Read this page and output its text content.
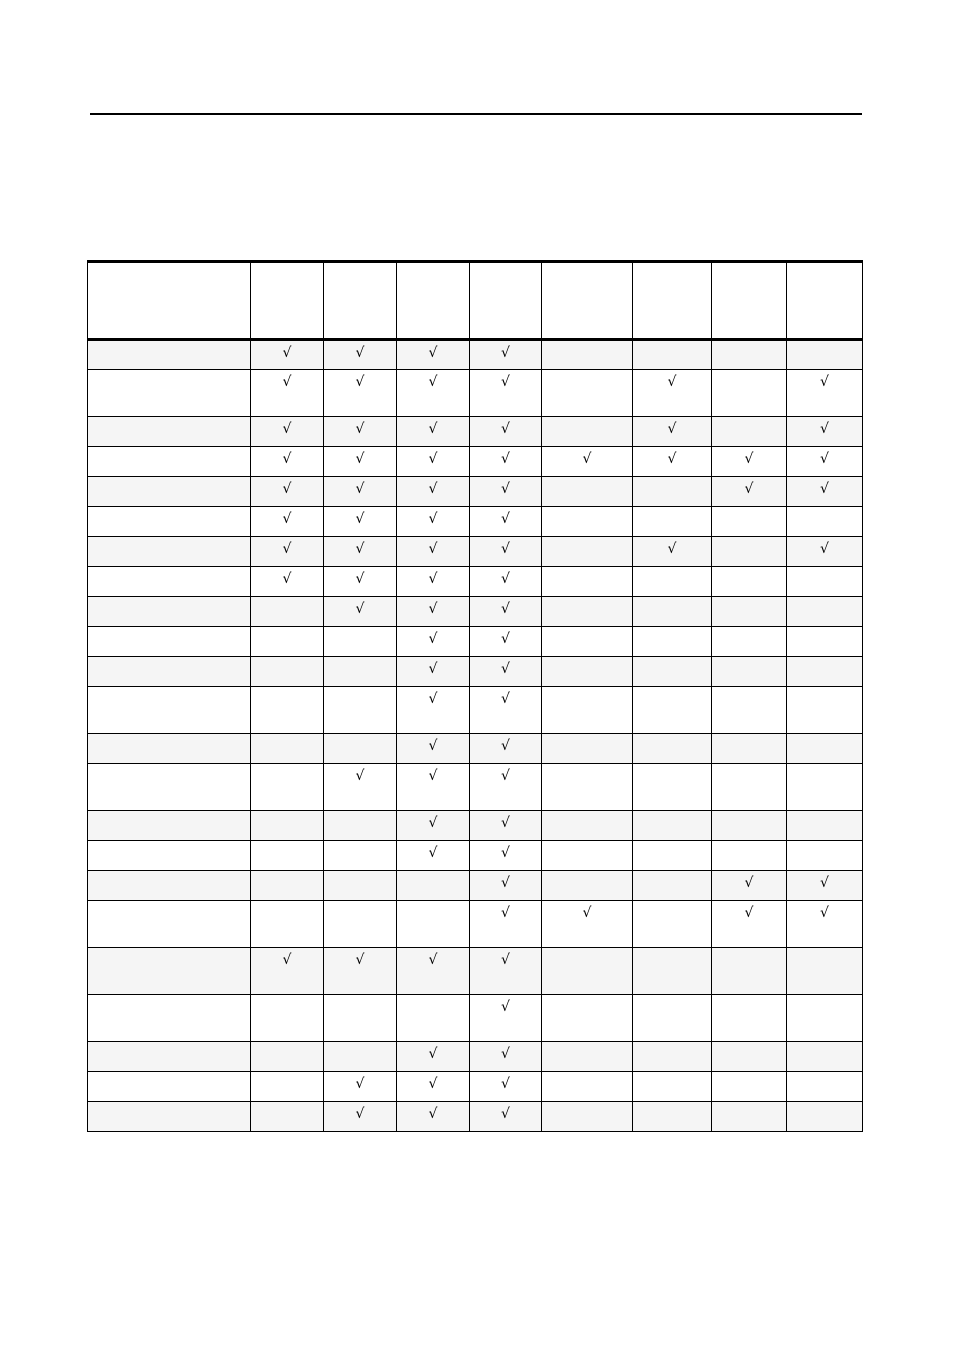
	√	√	√	√				
	√	√	√	√		√		√
	√	√	√	√		√		√
	√	√	√	√	√	√	√	√
	√	√	√	√			√	√
	√	√	√	√				
	√	√	√	√		√		√
	√	√	√	√				
		√	√	√				
			√	√				
			√	√				
			√	√				
			√	√				
		√	√	√				
			√	√				
			√	√				
				√			√	√
				√	√		√	√
	√	√	√	√				
				√				
			√	√				
		√	√	√				
		√	√	√				
